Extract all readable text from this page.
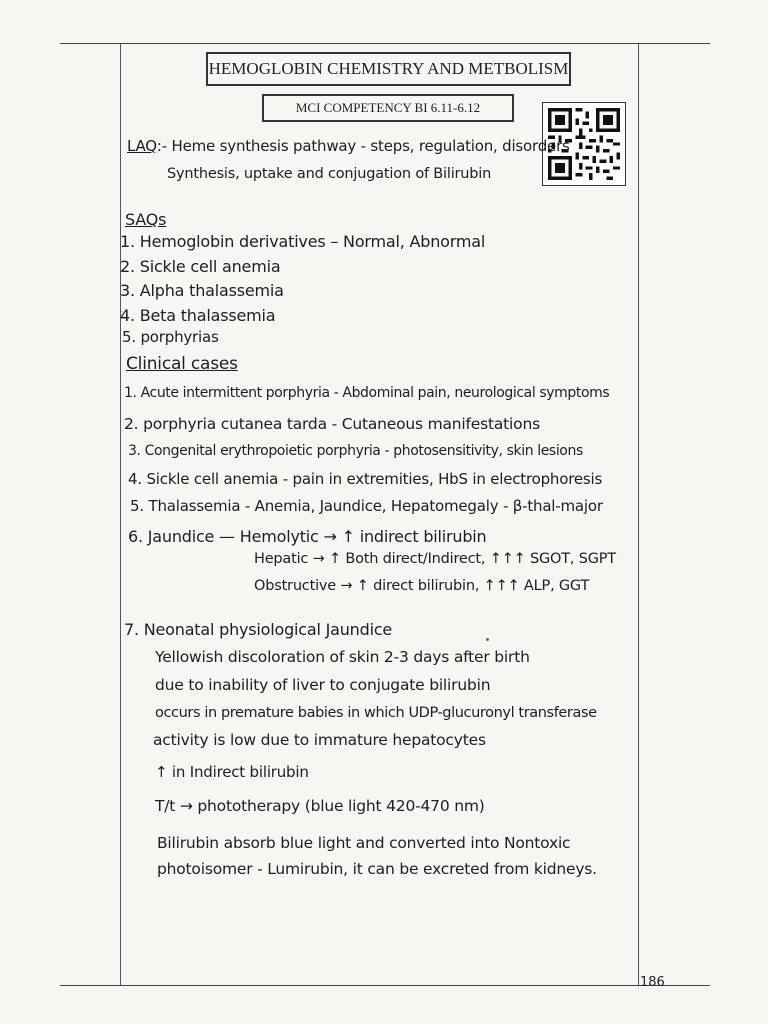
HEMOGLOBIN CHEMISTRY AND METBOLISM
MCI COMPETENCY BI 6.11-6.12
LAQ:- Heme synthesis pathway - steps, regulation, disorders
Synthesis, uptake and conjugation of Bilirubin
SAQs
1. Hemoglobin derivatives – Normal, Abnormal
2. Sickle cell anemia
3. Alpha thalassemia
4. Beta thalassemia
5. porphyrias
Clinical cases
1. Acute intermittent porphyria - Abdominal pain, neurological symptoms
2. porphyria cutanea tarda - Cutaneous manifestations
3. Congenital erythropoietic porphyria - photosensitivity, skin lesions
4. Sickle cell anemia - pain in extremities, HbS in electrophoresis
5. Thalassemia - Anemia, Jaundice, Hepatomegaly - β-thal-major
6. Jaundice — Hemolytic → ↑ indirect bilirubin
Hepatic → ↑ Both direct/Indirect, ↑↑↑ SGOT, SGPT
Obstructive → ↑ direct bilirubin, ↑↑↑ ALP, GGT
7. Neonatal physiological Jaundice
Yellowish discoloration of skin 2-3 days after birth
due to inability of liver to conjugate bilirubin
occurs in premature babies in which UDP-glucuronyl transferase
activity is low due to immature hepatocytes
↑ in Indirect bilirubin
T/t → phototherapy (blue light 420-470 nm)
Bilirubin absorb blue light and converted into Nontoxic
photoisomer - Lumirubin, it can be excreted from kidneys.
186
